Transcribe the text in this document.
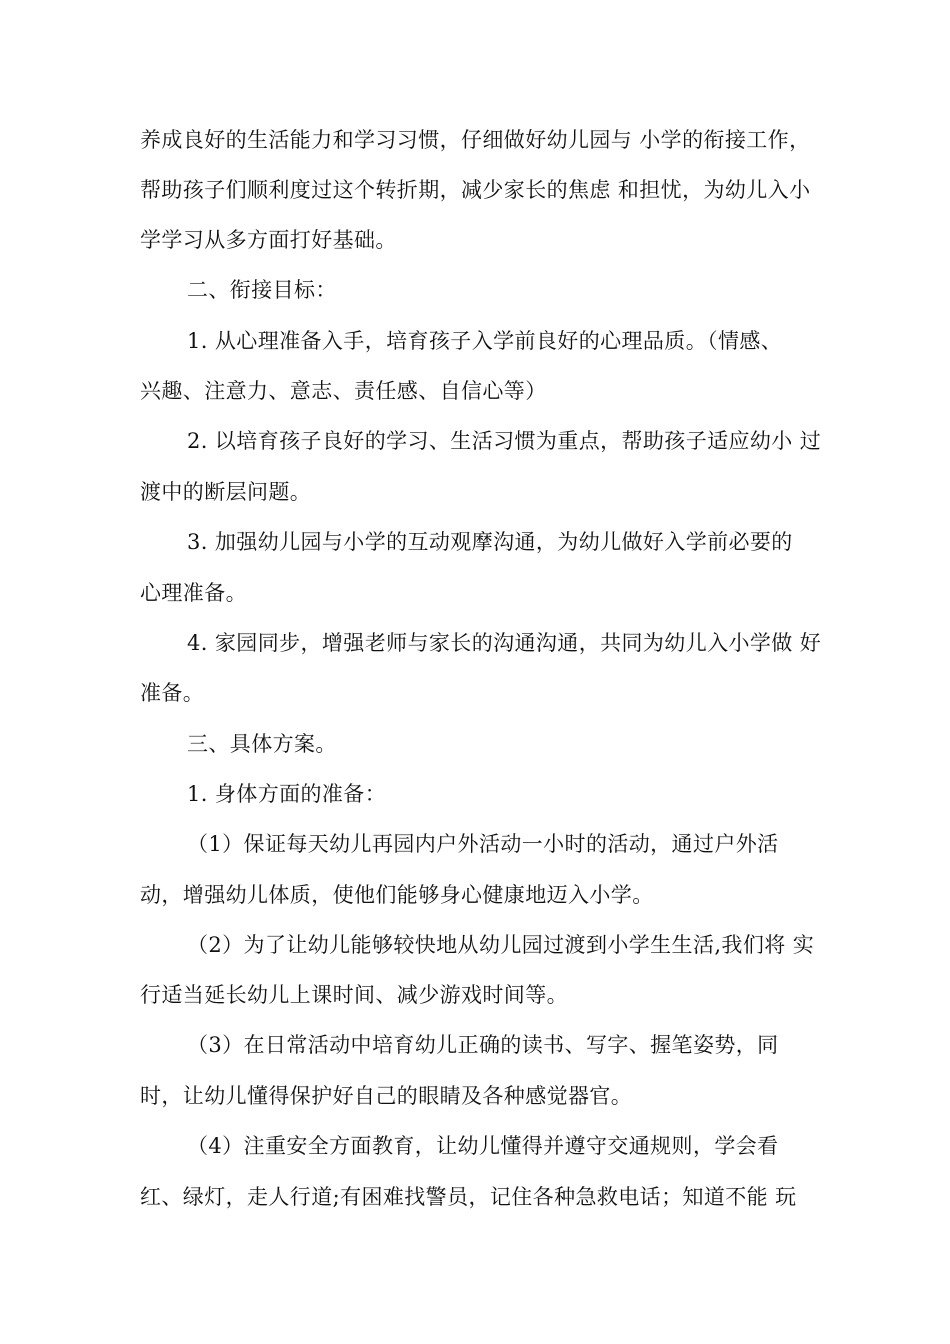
养成良好的生活能力和学习习惯，仔细做好幼儿园与 小学的衔接工作，
帮助孩子们顺利度过这个转折期，减少家长的焦虑 和担忧，为幼儿入小
学学习从多方面打好基础。
二、衔接目标：
1. 从心理准备入手，培育孩子入学前良好的心理品质。（情感、
兴趣、注意力、意志、责任感、自信心等）
2. 以培育孩子良好的学习、生活习惯为重点，帮助孩子适应幼小 过
渡中的断层问题。
3. 加强幼儿园与小学的互动观摩沟通，为幼儿做好入学前必要的
心理准备。
4. 家园同步，增强老师与家长的沟通沟通，共同为幼儿入小学做 好
准备。
三、具体方案。
1. 身体方面的准备：
（1）保证每天幼儿再园内户外活动一小时的活动，通过户外活
动，增强幼儿体质，使他们能够身心健康地迈入小学。
（2）为了让幼儿能够较快地从幼儿园过渡到小学生生活,我们将 实
行适当延长幼儿上课时间、减少游戏时间等。
（3）在日常活动中培育幼儿正确的读书、写字、握笔姿势，同
时，让幼儿懂得保护好自己的眼睛及各种感觉器官。
（4）注重安全方面教育，让幼儿懂得并遵守交通规则，学会看
红、绿灯，走人行道;有困难找警员，记住各种急救电话；知道不能 玩
